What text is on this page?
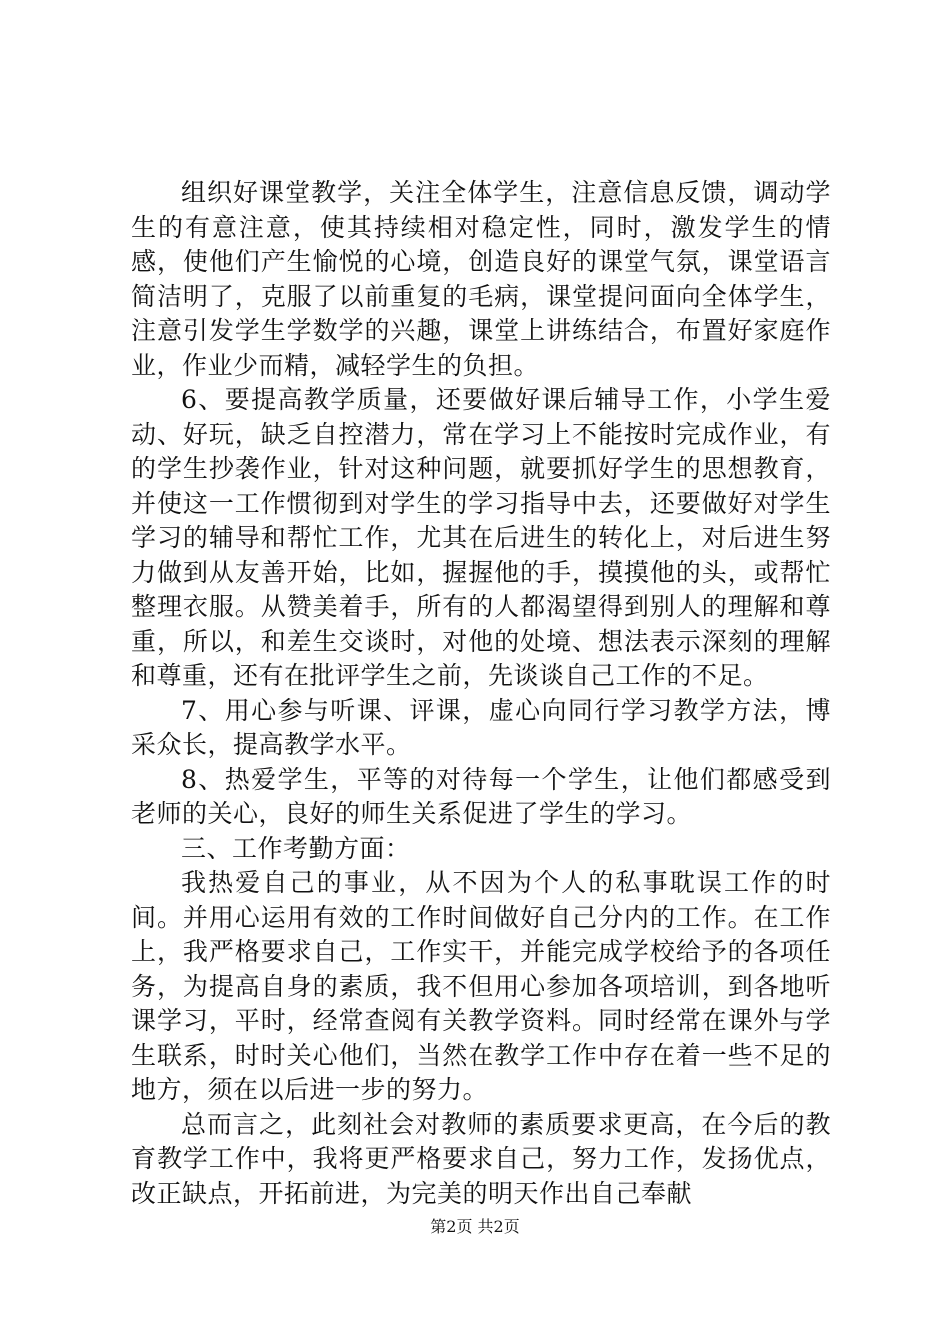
组织好课堂教学，关注全体学生，注意信息反馈，调动学生的有意注意，使其持续相对稳定性，同时，激发学生的情感，使他们产生愉悦的心境，创造良好的课堂气氛，课堂语言简洁明了，克服了以前重复的毛病，课堂提问面向全体学生，注意引发学生学数学的兴趣，课堂上讲练结合，布置好家庭作业，作业少而精，减轻学生的负担。

6、要提高教学质量，还要做好课后辅导工作，小学生爱动、好玩，缺乏自控潜力，常在学习上不能按时完成作业，有的学生抄袭作业，针对这种问题，就要抓好学生的思想教育，并使这一工作惯彻到对学生的学习指导中去，还要做好对学生学习的辅导和帮忙工作，尤其在后进生的转化上，对后进生努力做到从友善开始，比如，握握他的手，摸摸他的头，或帮忙整理衣服。从赞美着手，所有的人都渴望得到别人的理解和尊重，所以，和差生交谈时，对他的处境、想法表示深刻的理解和尊重，还有在批评学生之前，先谈谈自己工作的不足。

7、用心参与听课、评课，虚心向同行学习教学方法，博采众长，提高教学水平。

8、热爱学生，平等的对待每一个学生，让他们都感受到老师的关心，良好的师生关系促进了学生的学习。

三、工作考勤方面：

我热爱自己的事业，从不因为个人的私事耽误工作的时间。并用心运用有效的工作时间做好自己分内的工作。在工作上，我严格要求自己，工作实干，并能完成学校给予的各项任务，为提高自身的素质，我不但用心参加各项培训，到各地听课学习，平时，经常查阅有关教学资料。同时经常在课外与学生联系，时时关心他们，当然在教学工作中存在着一些不足的地方，须在以后进一步的努力。

总而言之，此刻社会对教师的素质要求更高，在今后的教育教学工作中，我将更严格要求自己，努力工作，发扬优点，改正缺点，开拓前进，为完美的明天作出自己奉献

第2页 共2页
